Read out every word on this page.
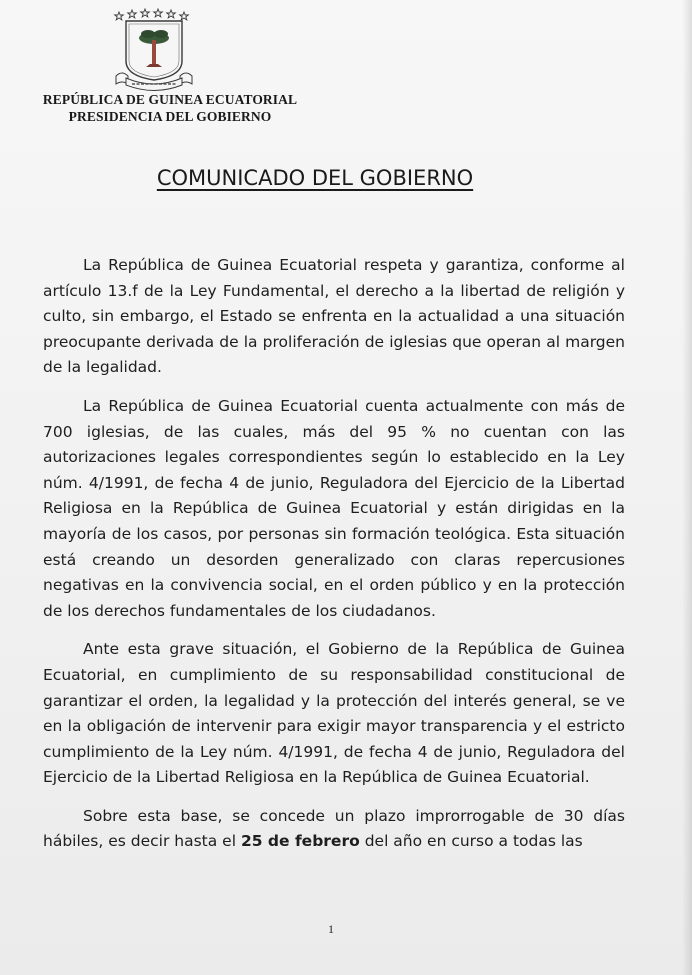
REPÚBLICA DE GUINEA ECUATORIAL
PRESIDENCIA DEL GOBIERNO
COMUNICADO DEL GOBIERNO

La República de Guinea Ecuatorial respeta y garantiza, conforme al artículo 13.f de la Ley Fundamental, el derecho a la libertad de religión y culto, sin embargo, el Estado se enfrenta en la actualidad a una situación preocupante derivada de la proliferación de iglesias que operan al margen de la legalidad.

La República de Guinea Ecuatorial cuenta actualmente con más de 700 iglesias, de las cuales, más del 95 % no cuentan con las autorizaciones legales correspondientes según lo establecido en la Ley núm. 4/1991, de fecha 4 de junio, Reguladora del Ejercicio de la Libertad Religiosa en la República de Guinea Ecuatorial y están dirigidas en la mayoría de los casos, por personas sin formación teológica. Esta situación está creando un desorden generalizado con claras repercusiones negativas en la convivencia social, en el orden público y en la protección de los derechos fundamentales de los ciudadanos.

Ante esta grave situación, el Gobierno de la República de Guinea Ecuatorial, en cumplimiento de su responsabilidad constitucional de garantizar el orden, la legalidad y la protección del interés general, se ve en la obligación de intervenir para exigir mayor transparencia y el estricto cumplimiento de la Ley núm. 4/1991, de fecha 4 de junio, Reguladora del Ejercicio de la Libertad Religiosa en la República de Guinea Ecuatorial.

Sobre esta base, se concede un plazo improrrogable de 30 días hábiles, es decir hasta el 25 de febrero del año en curso a todas las

1
